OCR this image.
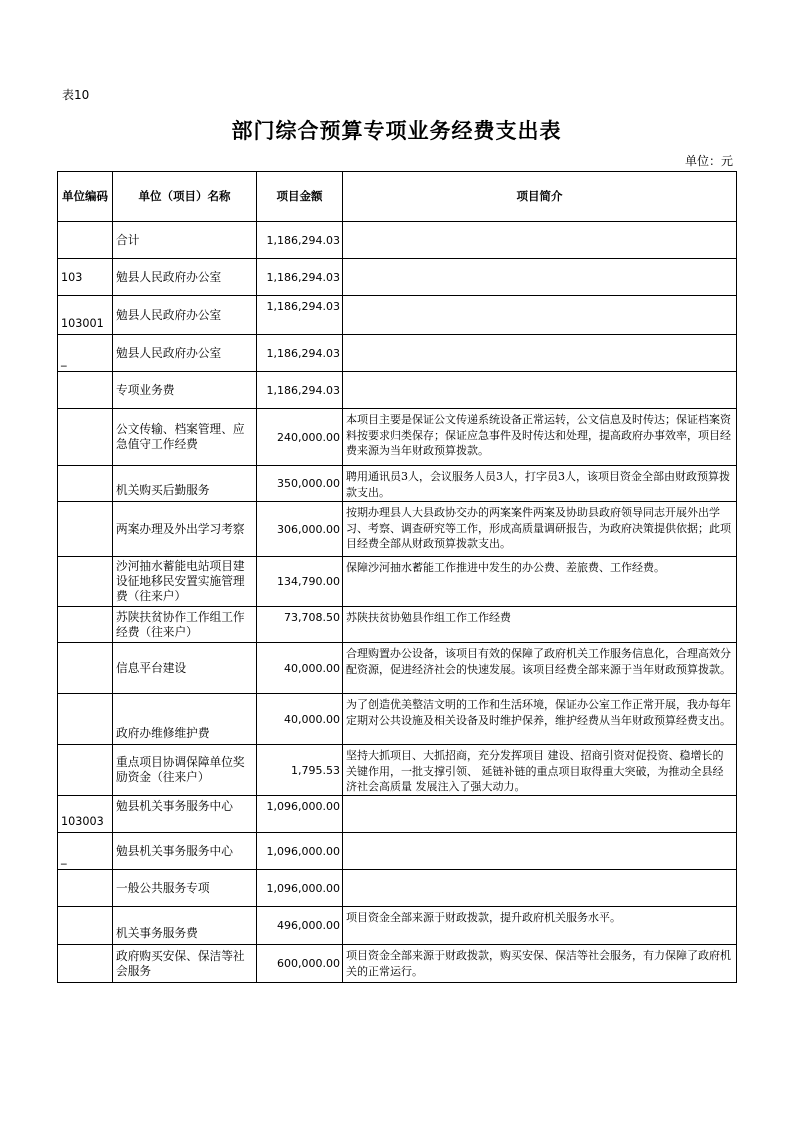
表10
部门综合预算专项业务经费支出表
单位：元
单位编码	单位（项目）名称	项目金额	项目简介
	合计	1,186,294.03	
103	勉县人民政府办公室	1,186,294.03	
103001	勉县人民政府办公室	1,186,294.03	
_	勉县人民政府办公室	1,186,294.03	
	专项业务费	1,186,294.03	
	公文传输、档案管理、应急值守工作经费	240,000.00	本项目主要是保证公文传递系统设备正常运转，公文信息及时传达；保证档案资料按要求归类保存；保证应急事件及时传达和处理，提高政府办事效率，项目经费来源为当年财政预算拨款。
	机关购买后勤服务	350,000.00	聘用通讯员3人，会议服务人员3人，打字员3人，该项目资金全部由财政预算拨款支出。
	两案办理及外出学习考察	306,000.00	按期办理县人大县政协交办的两案案件两案及协助县政府领导同志开展外出学习、考察、调查研究等工作，形成高质量调研报告，为政府决策提供依据；此项目经费全部从财政预算拨款支出。
	沙河抽水蓄能电站项目建设征地移民安置实施管理费（往来户）	134,790.00	保障沙河抽水蓄能工作推进中发生的办公费、差旅费、工作经费。
	苏陕扶贫协作工作组工作经费（往来户）	73,708.50	苏陕扶贫协勉县作组工作工作经费
	信息平台建设	40,000.00	合理购置办公设备，该项目有效的保障了政府机关工作服务信息化，合理高效分配资源，促进经济社会的快速发展。该项目经费全部来源于当年财政预算拨款。
	政府办维修维护费	40,000.00	为了创造优美整洁文明的工作和生活环境，保证办公室工作正常开展，我办每年定期对公共设施及相关设备及时维护保养，维护经费从当年财政预算经费支出。
	重点项目协调保障单位奖励资金（往来户）	1,795.53	坚持大抓项目、大抓招商，充分发挥项目 建设、招商引资对促投资、稳增长的关键作用，一批支撑引领、 延链补链的重点项目取得重大突破，为推动全县经济社会高质量 发展注入了强大动力。
103003	勉县机关事务服务中心	1,096,000.00	
_	勉县机关事务服务中心	1,096,000.00	
	一般公共服务专项	1,096,000.00	
	机关事务服务费	496,000.00	项目资金全部来源于财政拨款，提升政府机关服务水平。
	政府购买安保、保洁等社会服务	600,000.00	项目资金全部来源于财政拨款，购买安保、保洁等社会服务，有力保障了政府机关的正常运行。
